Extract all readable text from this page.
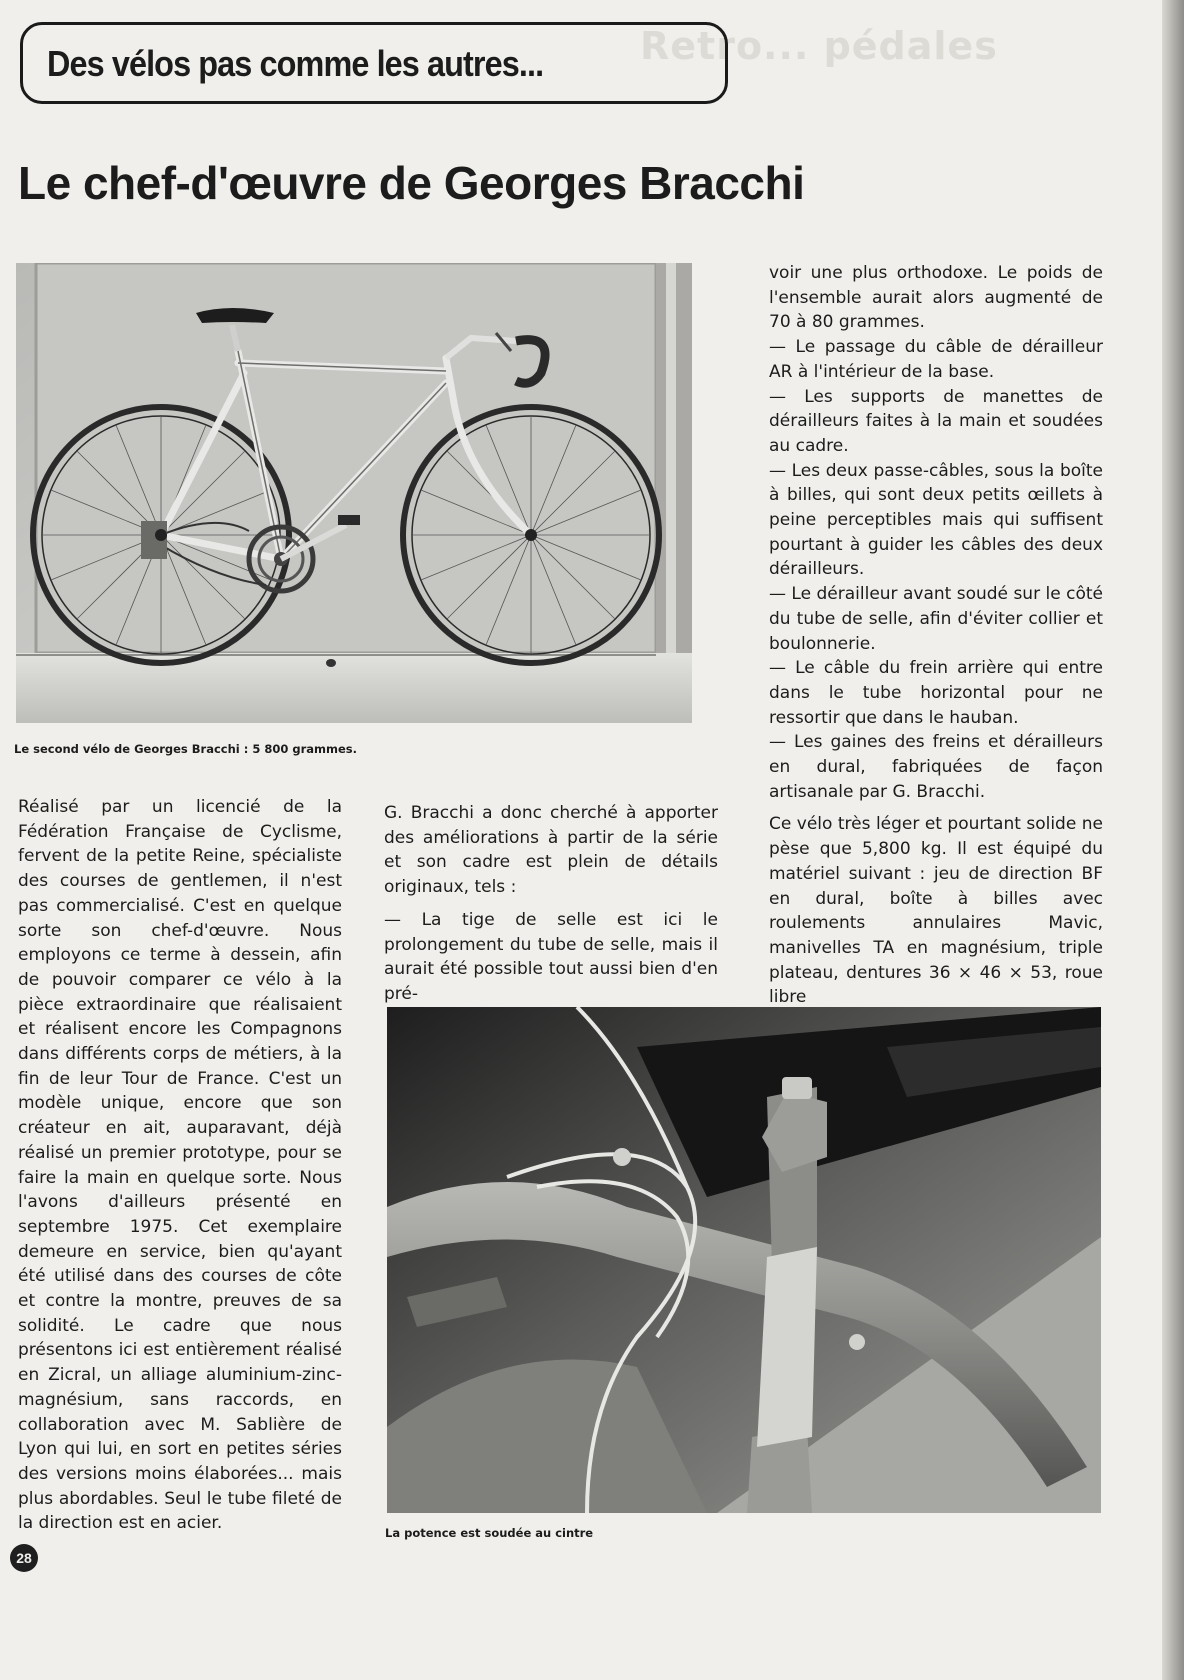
Retro... pédales
Des vélos pas comme les autres...
Le chef-d'œuvre de Georges Bracchi
Le second vélo de Georges Bracchi : 5 800 grammes.

Réalisé par un licencié de la Fédération Française de Cyclisme, fervent de la petite Reine, spécialiste des courses de gentlemen, il n'est pas commercialisé. C'est en quelque sorte son chef-d'œuvre. Nous employons ce terme à dessein, afin de pouvoir comparer ce vélo à la pièce extraordinaire que réalisaient et réalisent encore les Compagnons dans différents corps de métiers, à la fin de leur Tour de France. C'est un modèle unique, encore que son créateur en ait, auparavant, déjà réalisé un premier prototype, pour se faire la main en quelque sorte. Nous l'avons d'ailleurs présenté en septembre 1975. Cet exemplaire demeure en service, bien qu'ayant été utilisé dans des courses de côte et contre la montre, preuves de sa solidité. Le cadre que nous présentons ici est entièrement réalisé en Zicral, un alliage aluminium-zinc-magnésium, sans raccords, en collaboration avec M. Sablière de Lyon qui lui, en sort en petites séries des versions moins élaborées... mais plus abordables. Seul le tube fileté de la direction est en acier.

G. Bracchi a donc cherché à apporter des améliorations à partir de la série et son cadre est plein de détails originaux, tels :

— La tige de selle est ici le prolongement du tube de selle, mais il aurait été possible tout aussi bien d'en pré-

voir une plus orthodoxe. Le poids de l'ensemble aurait alors augmenté de 70 à 80 grammes.

— Le passage du câble de dérailleur AR à l'intérieur de la base.

— Les supports de manettes de dérailleurs faites à la main et soudées au cadre.

— Les deux passe-câbles, sous la boîte à billes, qui sont deux petits œillets à peine perceptibles mais qui suffisent pourtant à guider les câbles des deux dérailleurs.

— Le dérailleur avant soudé sur le côté du tube de selle, afin d'éviter collier et boulonnerie.

— Le câble du frein arrière qui entre dans le tube horizontal pour ne ressortir que dans le hauban.

— Les gaines des freins et dérailleurs en dural, fabriquées de façon artisanale par G. Bracchi.

Ce vélo très léger et pourtant solide ne pèse que 5,800 kg. Il est équipé du matériel suivant : jeu de direction BF en dural, boîte à billes avec roulements annulaires Mavic, manivelles TA en magnésium, triple plateau, dentures 36 × 46 × 53, roue libre

La potence est soudée au cintre
28
